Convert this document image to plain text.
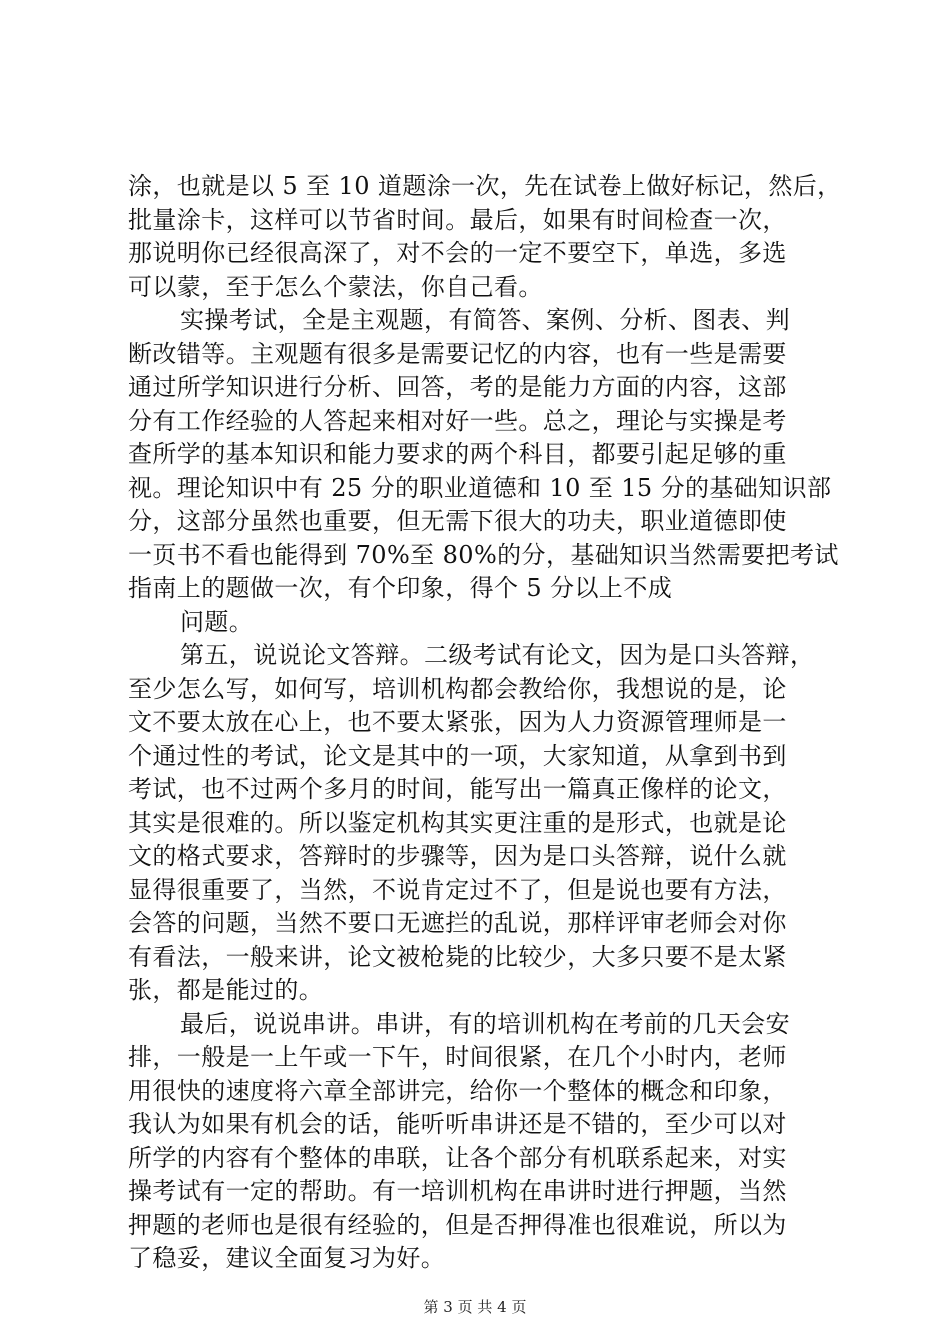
涂，也就是以 5 至 10 道题涂一次，先在试卷上做好标记，然后，
批量涂卡，这样可以节省时间。最后，如果有时间检查一次，
那说明你已经很高深了，对不会的一定不要空下，单选，多选
可以蒙，至于怎么个蒙法，你自己看。
实操考试，全是主观题，有简答、案例、分析、图表、判
断改错等。主观题有很多是需要记忆的内容，也有一些是需要
通过所学知识进行分析、回答，考的是能力方面的内容，这部
分有工作经验的人答起来相对好一些。总之，理论与实操是考
查所学的基本知识和能力要求的两个科目，都要引起足够的重
视。理论知识中有 25 分的职业道德和 10 至 15 分的基础知识部
分，这部分虽然也重要，但无需下很大的功夫，职业道德即使
一页书不看也能得到 70%至 80%的分，基础知识当然需要把考试
指南上的题做一次，有个印象，得个 5 分以上不成
问题。
第五，说说论文答辩。二级考试有论文，因为是口头答辩，
至少怎么写，如何写，培训机构都会教给你，我想说的是，论
文不要太放在心上，也不要太紧张，因为人力资源管理师是一
个通过性的考试，论文是其中的一项，大家知道，从拿到书到
考试，也不过两个多月的时间，能写出一篇真正像样的论文，
其实是很难的。所以鉴定机构其实更注重的是形式，也就是论
文的格式要求，答辩时的步骤等，因为是口头答辩，说什么就
显得很重要了，当然，不说肯定过不了，但是说也要有方法，
会答的问题，当然不要口无遮拦的乱说，那样评审老师会对你
有看法，一般来讲，论文被枪毙的比较少，大多只要不是太紧
张，都是能过的。
最后，说说串讲。串讲，有的培训机构在考前的几天会安
排，一般是一上午或一下午，时间很紧，在几个小时内，老师
用很快的速度将六章全部讲完，给你一个整体的概念和印象，
我认为如果有机会的话，能听听串讲还是不错的，至少可以对
所学的内容有个整体的串联，让各个部分有机联系起来，对实
操考试有一定的帮助。有一培训机构在串讲时进行押题，当然
押题的老师也是很有经验的，但是否押得准也很难说，所以为
了稳妥，建议全面复习为好。
第 3 页 共 4 页
